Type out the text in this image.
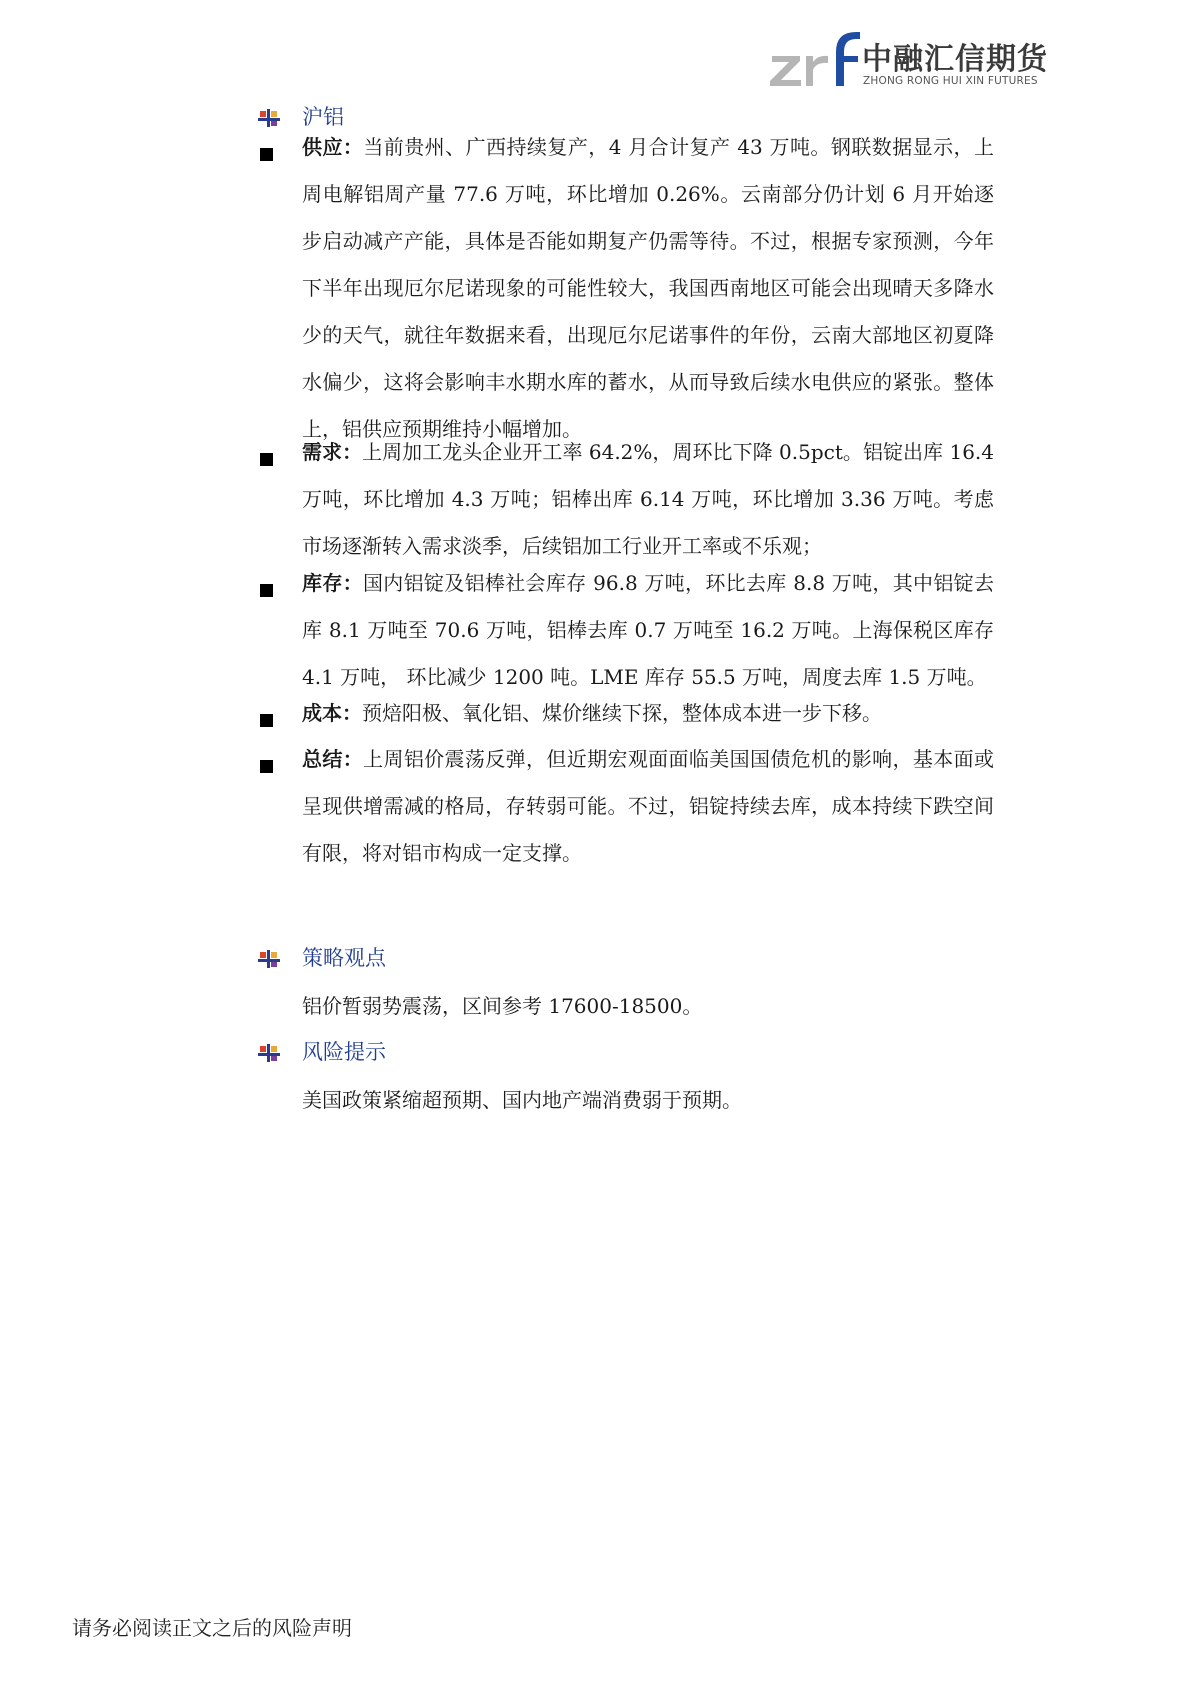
中融汇信期货
ZHONG RONG HUI XIN FUTURES
沪铝
供应：当前贵州、广西持续复产，4 月合计复产 43 万吨。钢联数据显示，上周电解铝周产量 77.6 万吨，环比增加 0.26%。云南部分仍计划 6 月开始逐步启动减产产能，具体是否能如期复产仍需等待。不过，根据专家预测，今年下半年出现厄尔尼诺现象的可能性较大，我国西南地区可能会出现晴天多降水少的天气，就往年数据来看，出现厄尔尼诺事件的年份，云南大部地区初夏降水偏少，这将会影响丰水期水库的蓄水，从而导致后续水电供应的紧张。整体上，铝供应预期维持小幅增加。
需求：上周加工龙头企业开工率 64.2%，周环比下降 0.5pct。铝锭出库 16.4 万吨，环比增加 4.3 万吨；铝棒出库 6.14 万吨，环比增加 3.36 万吨。考虑市场逐渐转入需求淡季，后续铝加工行业开工率或不乐观；
库存：国内铝锭及铝棒社会库存 96.8 万吨，环比去库 8.8 万吨，其中铝锭去库 8.1 万吨至 70.6 万吨，铝棒去库 0.7 万吨至 16.2 万吨。上海保税区库存 4.1 万吨， 环比减少 1200 吨。LME 库存 55.5 万吨，周度去库 1.5 万吨。
成本：预焙阳极、氧化铝、煤价继续下探，整体成本进一步下移。
总结：上周铝价震荡反弹，但近期宏观面面临美国国债危机的影响，基本面或呈现供增需减的格局，存转弱可能。不过，铝锭持续去库，成本持续下跌空间有限，将对铝市构成一定支撑。
策略观点
铝价暂弱势震荡，区间参考 17600-18500。
风险提示
美国政策紧缩超预期、国内地产端消费弱于预期。
请务必阅读正文之后的风险声明
